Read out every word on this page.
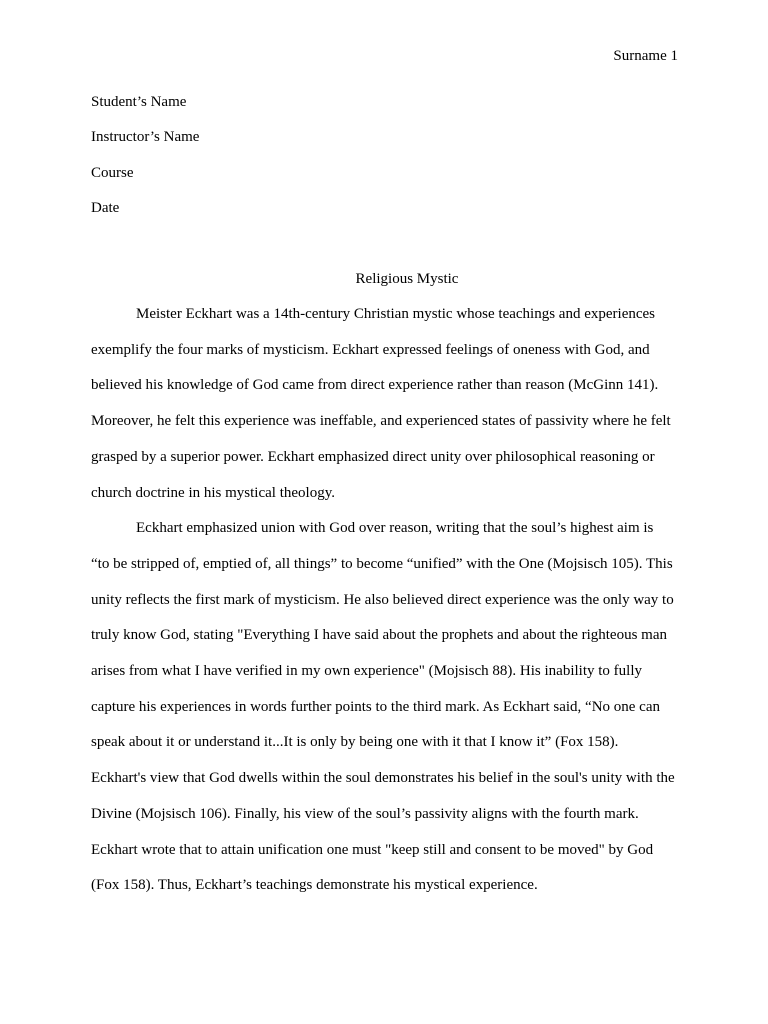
Surname 1
Student’s Name
Instructor’s Name
Course
Date
Religious Mystic

Meister Eckhart was a 14th-century Christian mystic whose teachings and experiences
exemplify the four marks of mysticism. Eckhart expressed feelings of oneness with God, and
believed his knowledge of God came from direct experience rather than reason (McGinn 141).
Moreover, he felt this experience was ineffable, and experienced states of passivity where he felt
grasped by a superior power. Eckhart emphasized direct unity over philosophical reasoning or
church doctrine in his mystical theology.

Eckhart emphasized union with God over reason, writing that the soul’s highest aim is
“to be stripped of, emptied of, all things” to become “unified” with the One (Mojsisch 105). This
unity reflects the first mark of mysticism. He also believed direct experience was the only way to
truly know God, stating "Everything I have said about the prophets and about the righteous man
arises from what I have verified in my own experience" (Mojsisch 88). His inability to fully
capture his experiences in words further points to the third mark. As Eckhart said, “No one can
speak about it or understand it...It is only by being one with it that I know it” (Fox 158).
Eckhart's view that God dwells within the soul demonstrates his belief in the soul's unity with the
Divine (Mojsisch 106). Finally, his view of the soul’s passivity aligns with the fourth mark.
Eckhart wrote that to attain unification one must "keep still and consent to be moved" by God
(Fox 158). Thus, Eckhart’s teachings demonstrate his mystical experience.
